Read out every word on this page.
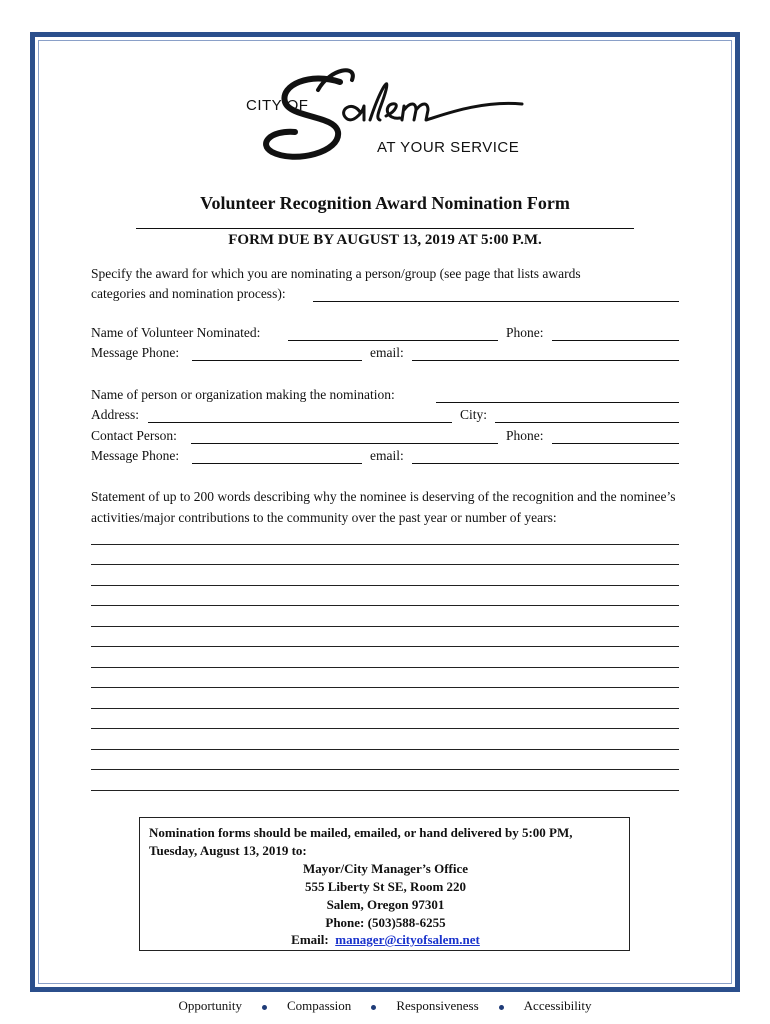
CITY OF
AT YOUR SERVICE
Volunteer Recognition Award Nomination Form
FORM DUE BY AUGUST 13, 2019 AT 5:00 P.M.
Specify the award for which you are nominating a person/group (see page that lists awards
categories and nomination process):
Name of Volunteer Nominated:	Phone:
Message Phone:	email:
Name of person or organization making the nomination:
Address:	City:
Contact Person:	Phone:
Message Phone:	email:
Statement of up to 200 words describing why the nominee is deserving of the recognition and the nominee’s activities/major contributions to the community over the past year or number of years:
Nomination forms should be mailed, emailed, or hand delivered by 5:00 PM, Tuesday, August 13, 2019 to:
Mayor/City Manager’s Office
555 Liberty St SE, Room 220
Salem, Oregon 97301
Phone: (503)588-6255
Email: manager@cityofsalem.net
Opportunity	Compassion	Responsiveness	Accessibility
